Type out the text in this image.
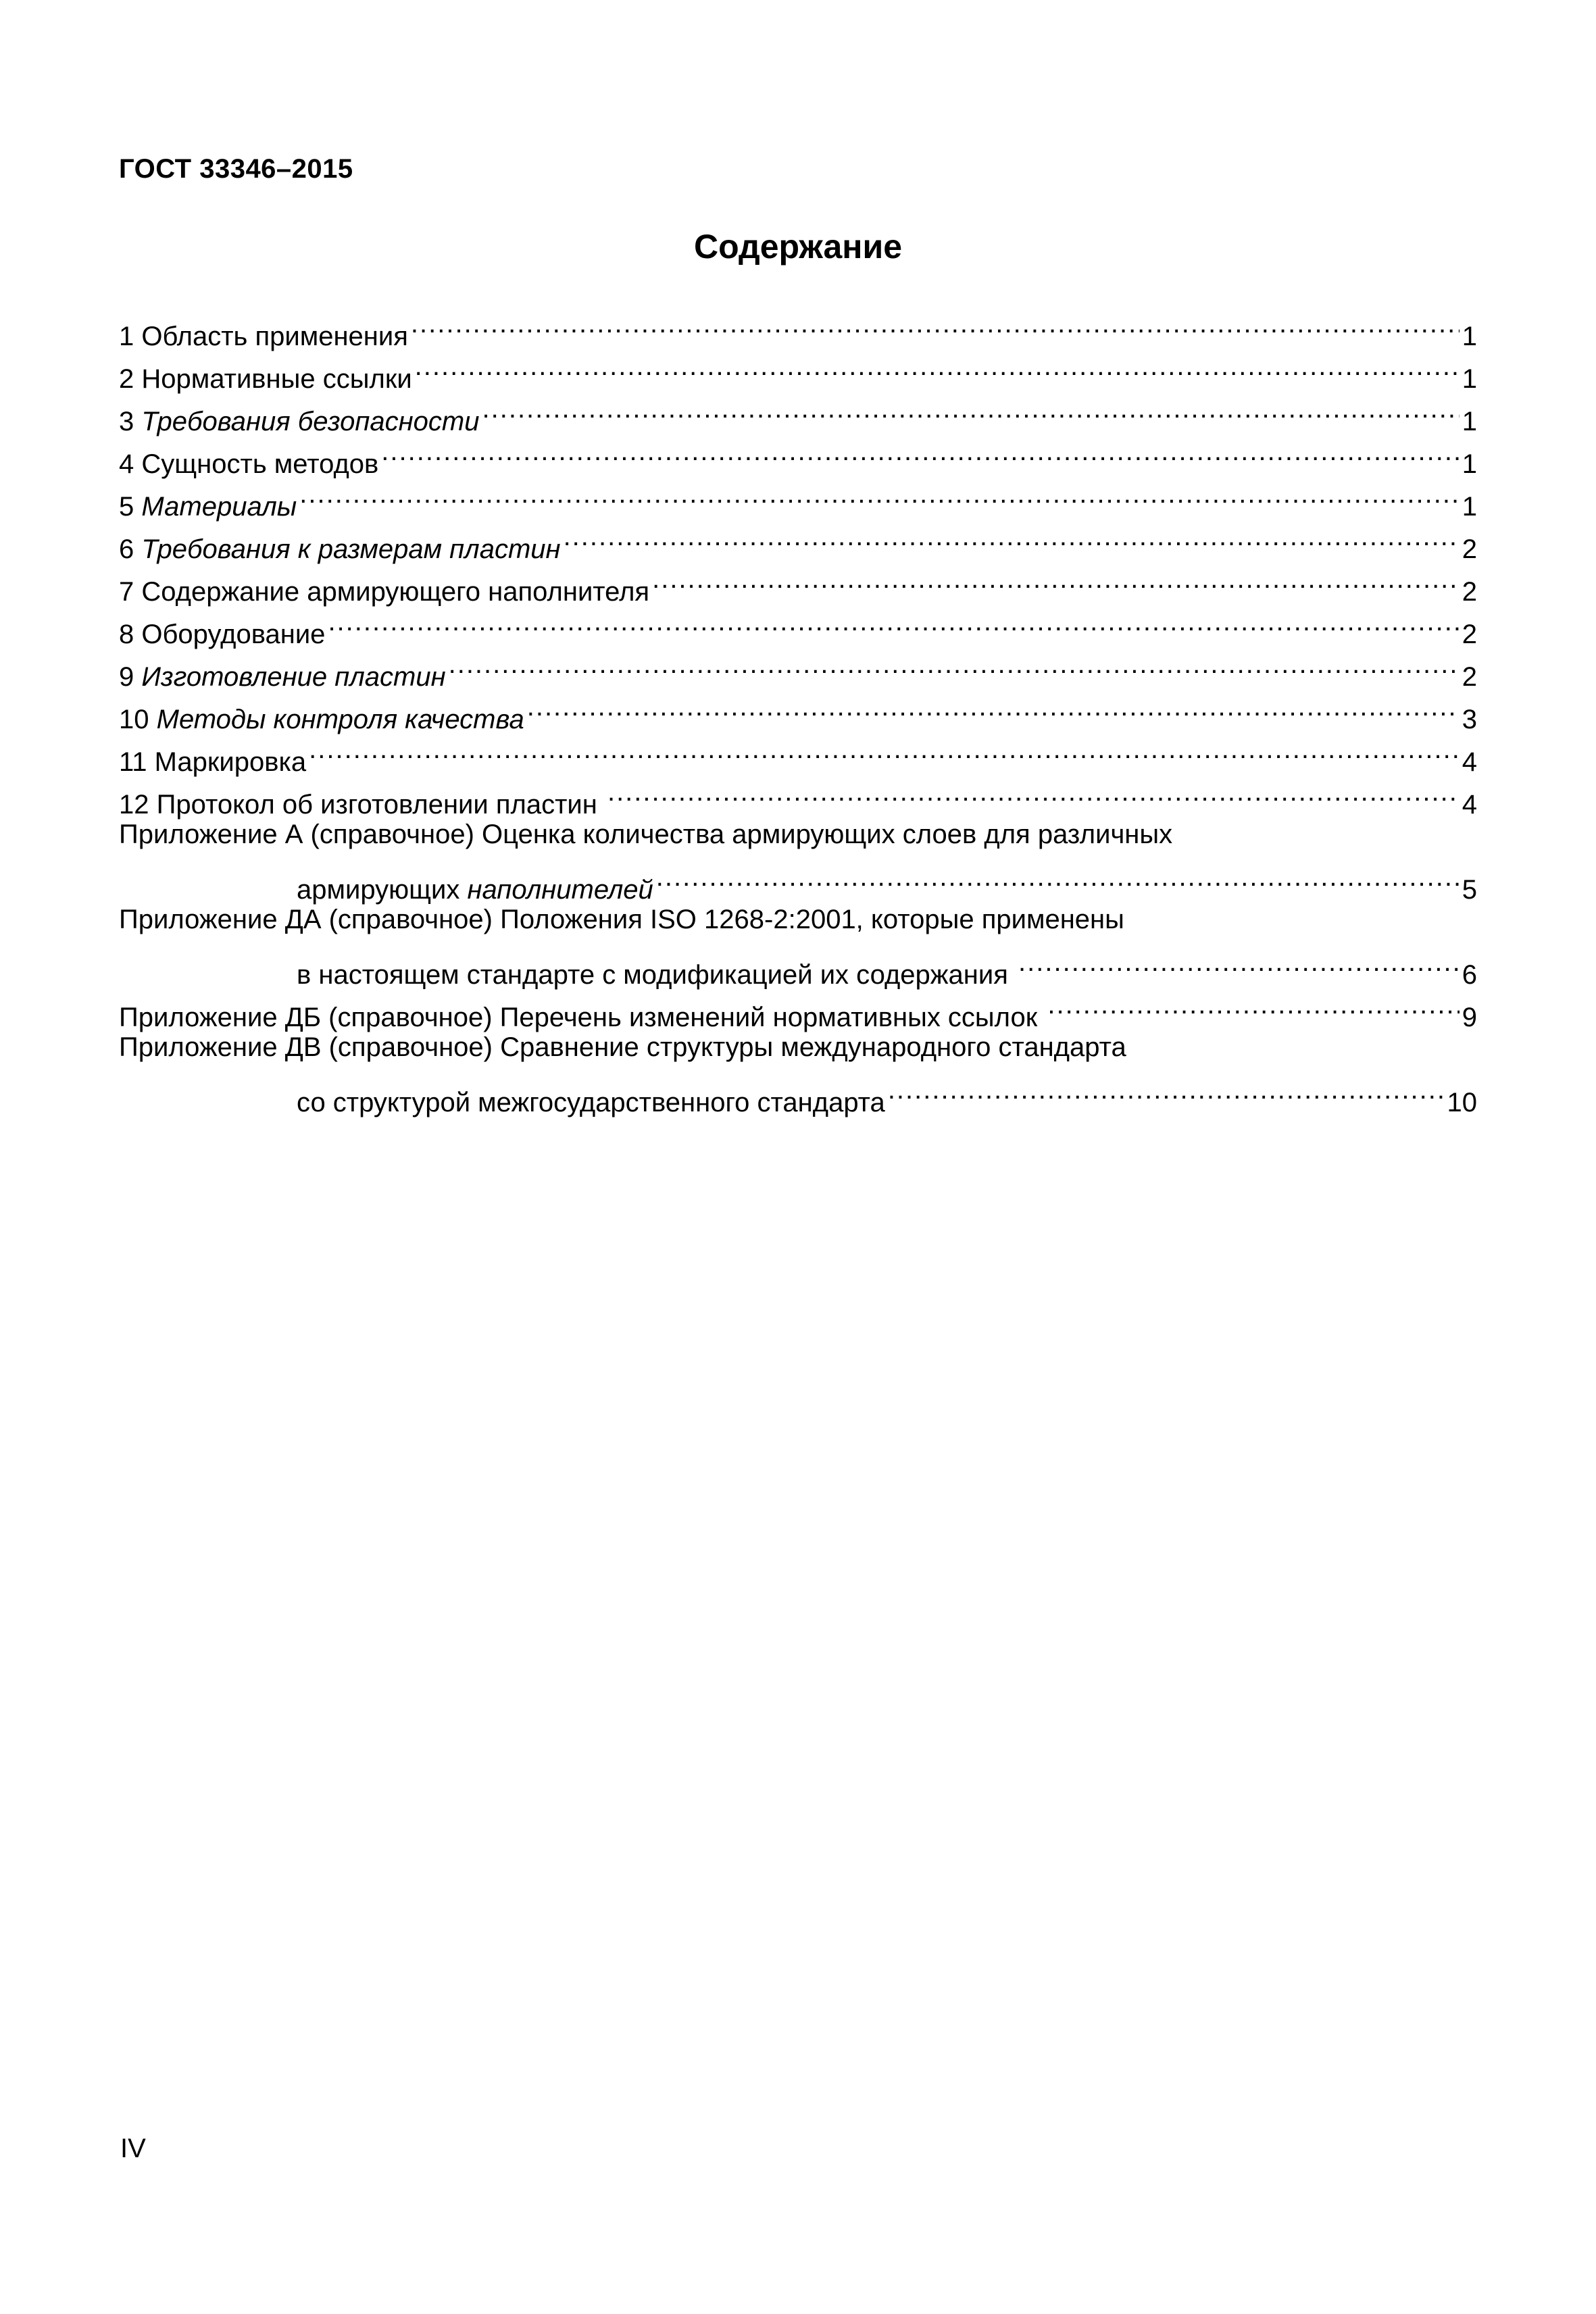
ГОСТ 33346–2015

Содержание
1
Область применения .....	1
2
Нормативные ссылки .....	1
3
Требования безопасности .....	1
4
Сущность методов .....	1
5
Материалы .....	1
6
Требования к размерам пластин .....	2
7
Содержание армирующего наполнителя .....	2
8
Оборудование .....	2
9
Изготовление пластин .....	2
10
Методы контроля качества .....	3
11
Маркировка .....	4
12
Протокол об изготовлении пластин .....	4
Приложение А (справочное) Оценка количества армирующих слоев для различных
армирующих наполнителей .....	5
Приложение ДА (справочное) Положения ISO 1268-2:2001, которые применены
в настоящем стандарте с модификацией их содержания .....	6
Приложение ДБ (справочное) Перечень изменений нормативных ссылок .....	9
Приложение ДВ (справочное) Сравнение структуры международного стандарта
со структурой межгосударственного стандарта .....	10

IV
